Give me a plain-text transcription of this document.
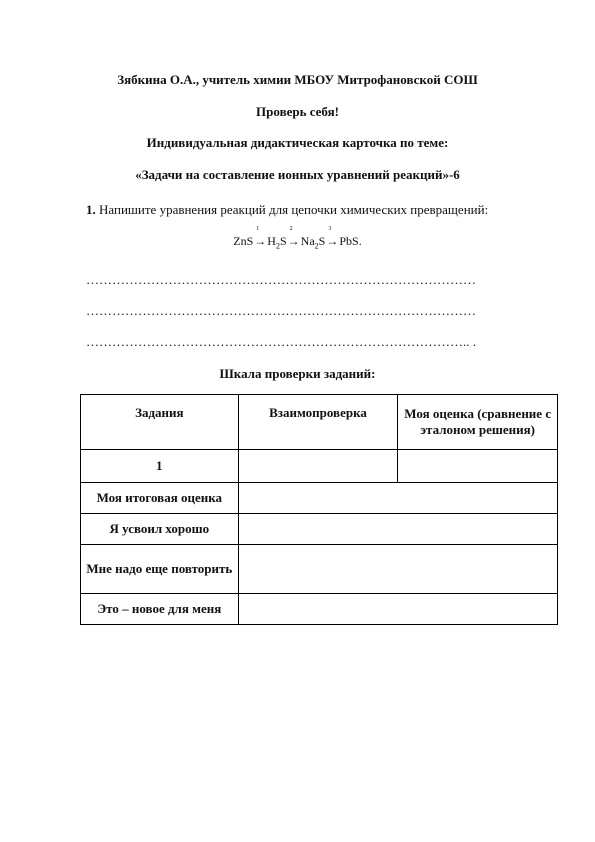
Зябкина О.А., учитель химии МБОУ Митрофановской СОШ
Проверь себя!
Индивидуальная дидактическая карточка по теме:
«Задачи на составление ионных уравнений реакций»-6
1. Напишите уравнения реакций для цепочки химических превращений:
ZnS
1
$\to H_2S$
2
$\to Na_2S$
3
→PbS.
………………………………………………………………………………
………………………………………………………………………………
…………………………………………………………………………….. .
Шкала проверки заданий:
Задания	Взаимопроверка	Моя оценка (сравнение с эталоном решения)
1		
Моя итоговая оценка		
Я усвоил хорошо		
Мне надо еще повторить		
Это – новое для меня		
